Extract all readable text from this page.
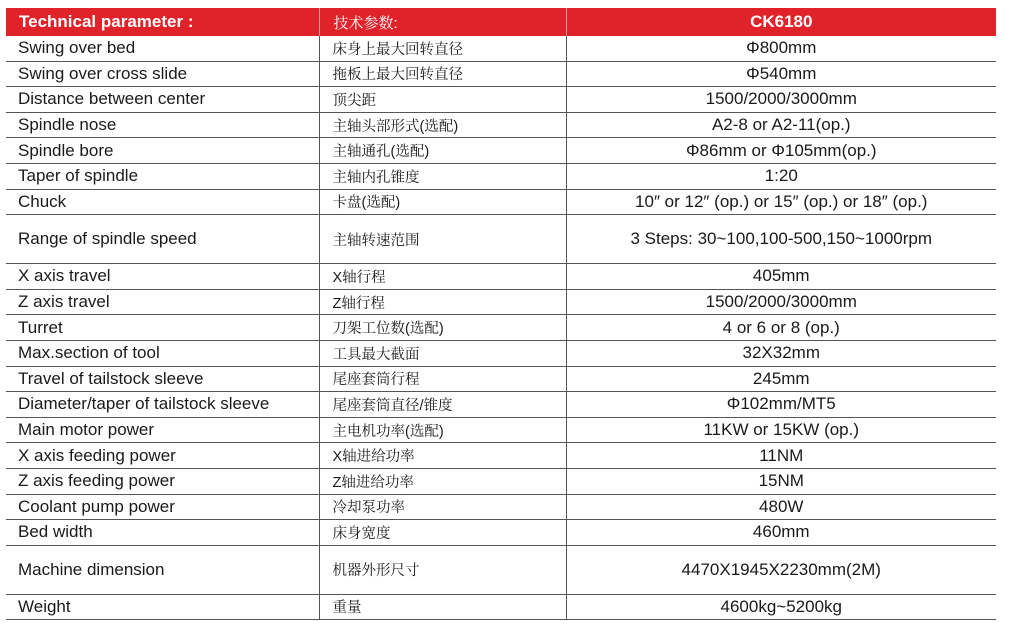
Technical parameter :	技术参数:	CK6180
Swing over bed	床身上最大回转直径	Φ800mm
Swing over cross slide	拖板上最大回转直径	Φ540mm
Distance between center	顶尖距	1500/2000/3000mm
Spindle nose	主轴头部形式(选配)	A2-8 or A2-11(op.)
Spindle bore	主轴通孔(选配)	Φ86mm or Φ105mm(op.)
Taper of spindle	主轴内孔锥度	1:20
Chuck	卡盘(选配)	10″ or 12″ (op.) or 15″ (op.) or 18″ (op.)
Range of spindle speed	主轴转速范围	3 Steps: 30~100,100-500,150~1000rpm
X axis travel	X轴行程	405mm
Z axis travel	Z轴行程	1500/2000/3000mm
Turret	刀架工位数(选配)	4 or 6 or 8 (op.)
Max.section of tool	工具最大截面	32X32mm
Travel of tailstock sleeve	尾座套筒行程	245mm
Diameter/taper of tailstock sleeve	尾座套筒直径/锥度	Φ102mm/MT5
Main motor power	主电机功率(选配)	11KW or 15KW (op.)
X axis feeding power	X轴进给功率	11NM
Z axis feeding power	Z轴进给功率	15NM
Coolant pump power	冷却泵功率	480W
Bed width	床身宽度	460mm
Machine dimension	机器外形尺寸	4470X1945X2230mm(2M)
Weight	重量	4600kg~5200kg
